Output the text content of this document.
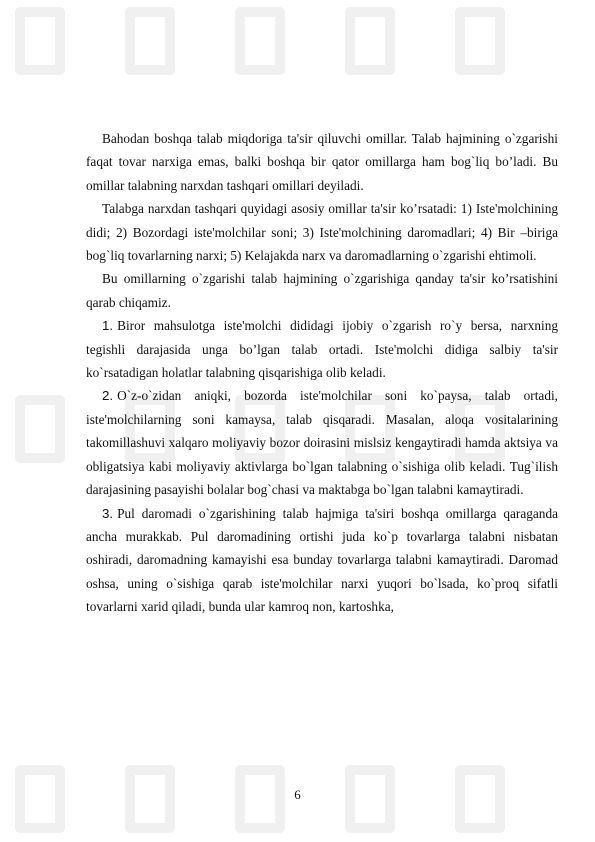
Bahodan boshqa talab miqdoriga ta'sir qiluvchi omillar. Talab hajmining o`zgarishi faqat tovar narxiga emas, balki boshqa bir qator omillarga ham bog`liq bo’ladi. Bu omillar talabning narxdan tashqari omillari deyiladi.

Talabga narxdan tashqari quyidagi asosiy omillar ta'sir ko’rsatadi: 1) Iste'molchining didi; 2) Bozordagi iste'molchilar soni; 3) Iste'molchining daromadlari; 4) Bir –biriga bog`liq tovarlarning narxi; 5) Kelajakda narx va daromadlarning o`zgarishi ehtimoli.

Bu omillarning o`zgarishi talab hajmining o`zgarishiga qanday ta'sir ko’rsatishini qarab chiqamiz.

1. Biror mahsulotga iste'molchi dididagi ijobiy o`zgarish ro`y bersa, narxning tegishli darajasida unga bo’lgan talab ortadi. Iste'molchi didiga salbiy ta'sir ko`rsatadigan holatlar talabning qisqarishiga olib keladi.

2. O`z-o`zidan aniqki, bozorda iste'molchilar soni ko`paysa, talab ortadi, iste'molchilarning soni kamaysa, talab qisqaradi. Masalan, aloqa vositalarining takomillashuvi xalqaro moliyaviy bozor doirasini mislsiz kengaytiradi hamda aktsiya va obligatsiya kabi moliyaviy aktivlarga bo`lgan talabning o`sishiga olib keladi. Tug`ilish darajasining pasayishi bolalar bog`chasi va maktabga bo`lgan talabni kamaytiradi.

3. Pul daromadi o`zgarishining talab hajmiga ta'siri boshqa omillarga qaraganda ancha murakkab. Pul daromadining ortishi juda ko`p tovarlarga talabni nisbatan oshiradi, daromadning kamayishi esa bunday tovarlarga talabni kamaytiradi. Daromad oshsa, uning o`sishiga qarab iste'molchilar narxi yuqori bo`lsada, ko`proq sifatli tovarlarni xarid qiladi, bunda ular kamroq non, kartoshka,

6
